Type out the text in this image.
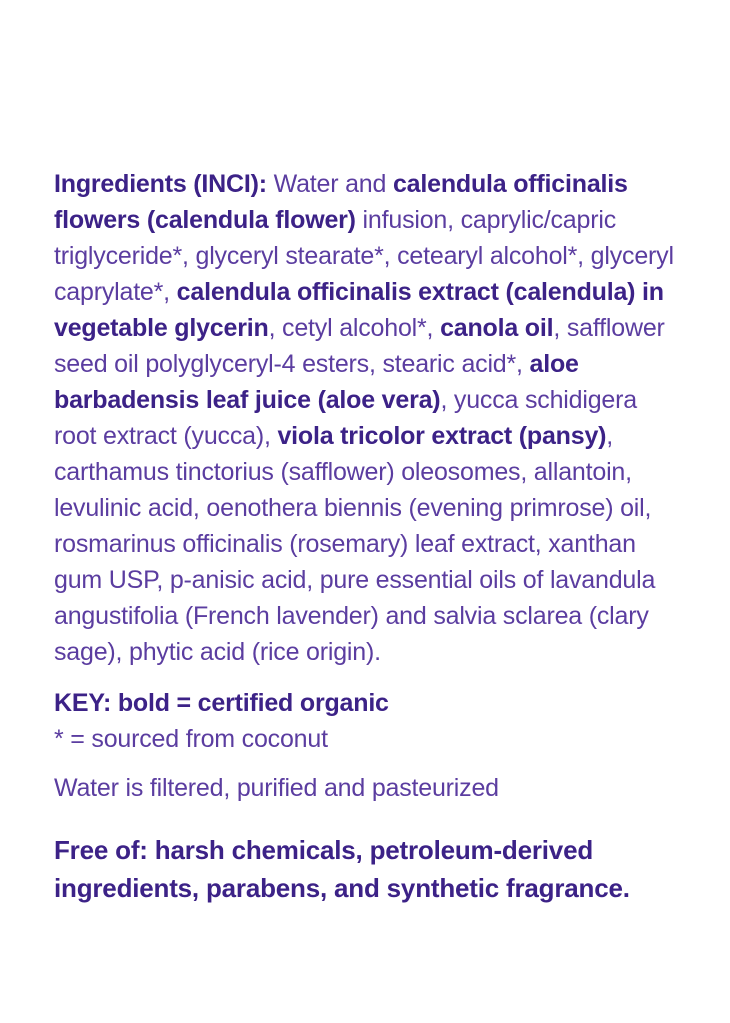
Ingredients (INCI): Water and calendula officinalis flowers (calendula flower) infusion, caprylic/capric triglyceride*, glyceryl stearate*, cetearyl alcohol*, glyceryl caprylate*, calendula officinalis extract (calendula) in vegetable glycerin, cetyl alcohol*, canola oil, safflower seed oil polyglyceryl-4 esters, stearic acid*, aloe barbadensis leaf juice (aloe vera), yucca schidigera root extract (yucca), viola tricolor extract (pansy), carthamus tinctorius (safflower) oleosomes, allantoin, levulinic acid, oenothera biennis (evening primrose) oil, rosmarinus officinalis (rosemary) leaf extract, xanthan gum USP, p-anisic acid, pure essential oils of lavandula angustifolia (French lavender) and salvia sclarea (clary sage), phytic acid (rice origin).

KEY: bold = certified organic

* = sourced from coconut

Water is filtered, purified and pasteurized

Free of: harsh chemicals, petroleum-derived ingredients, parabens, and synthetic fragrance.
